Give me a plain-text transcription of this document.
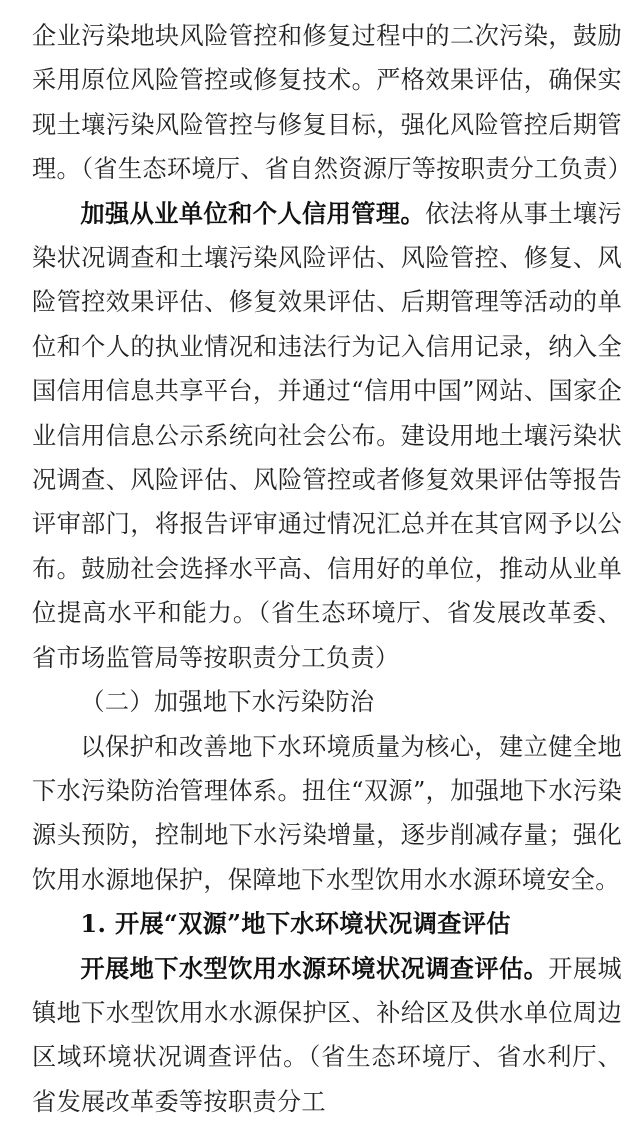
企业污染地块风险管控和修复过程中的二次污染，鼓励采用原位风险管控或修复技术。严格效果评估，确保实现土壤污染风险管控与修复目标，强化风险管控后期管理。（省生态环境厅、省自然资源厅等按职责分工负责）

加强从业单位和个人信用管理。依法将从事土壤污染状况调查和土壤污染风险评估、风险管控、修复、风险管控效果评估、修复效果评估、后期管理等活动的单位和个人的执业情况和违法行为记入信用记录，纳入全国信用信息共享平台，并通过“信用中国”网站、国家企业信用信息公示系统向社会公布。建设用地土壤污染状况调查、风险评估、风险管控或者修复效果评估等报告评审部门，将报告评审通过情况汇总并在其官网予以公布。鼓励社会选择水平高、信用好的单位，推动从业单位提高水平和能力。（省生态环境厅、省发展改革委、省市场监管局等按职责分工负责）

（二）加强地下水污染防治

以保护和改善地下水环境质量为核心，建立健全地下水污染防治管理体系。扭住“双源”，加强地下水污染源头预防，控制地下水污染增量，逐步削减存量；强化饮用水源地保护，保障地下水型饮用水水源环境安全。

1. 开展“双源”地下水环境状况调查评估

开展地下水型饮用水源环境状况调查评估。开展城镇地下水型饮用水水源保护区、补给区及供水单位周边区域环境状况调查评估。（省生态环境厅、省水利厅、省发展改革委等按职责分工
